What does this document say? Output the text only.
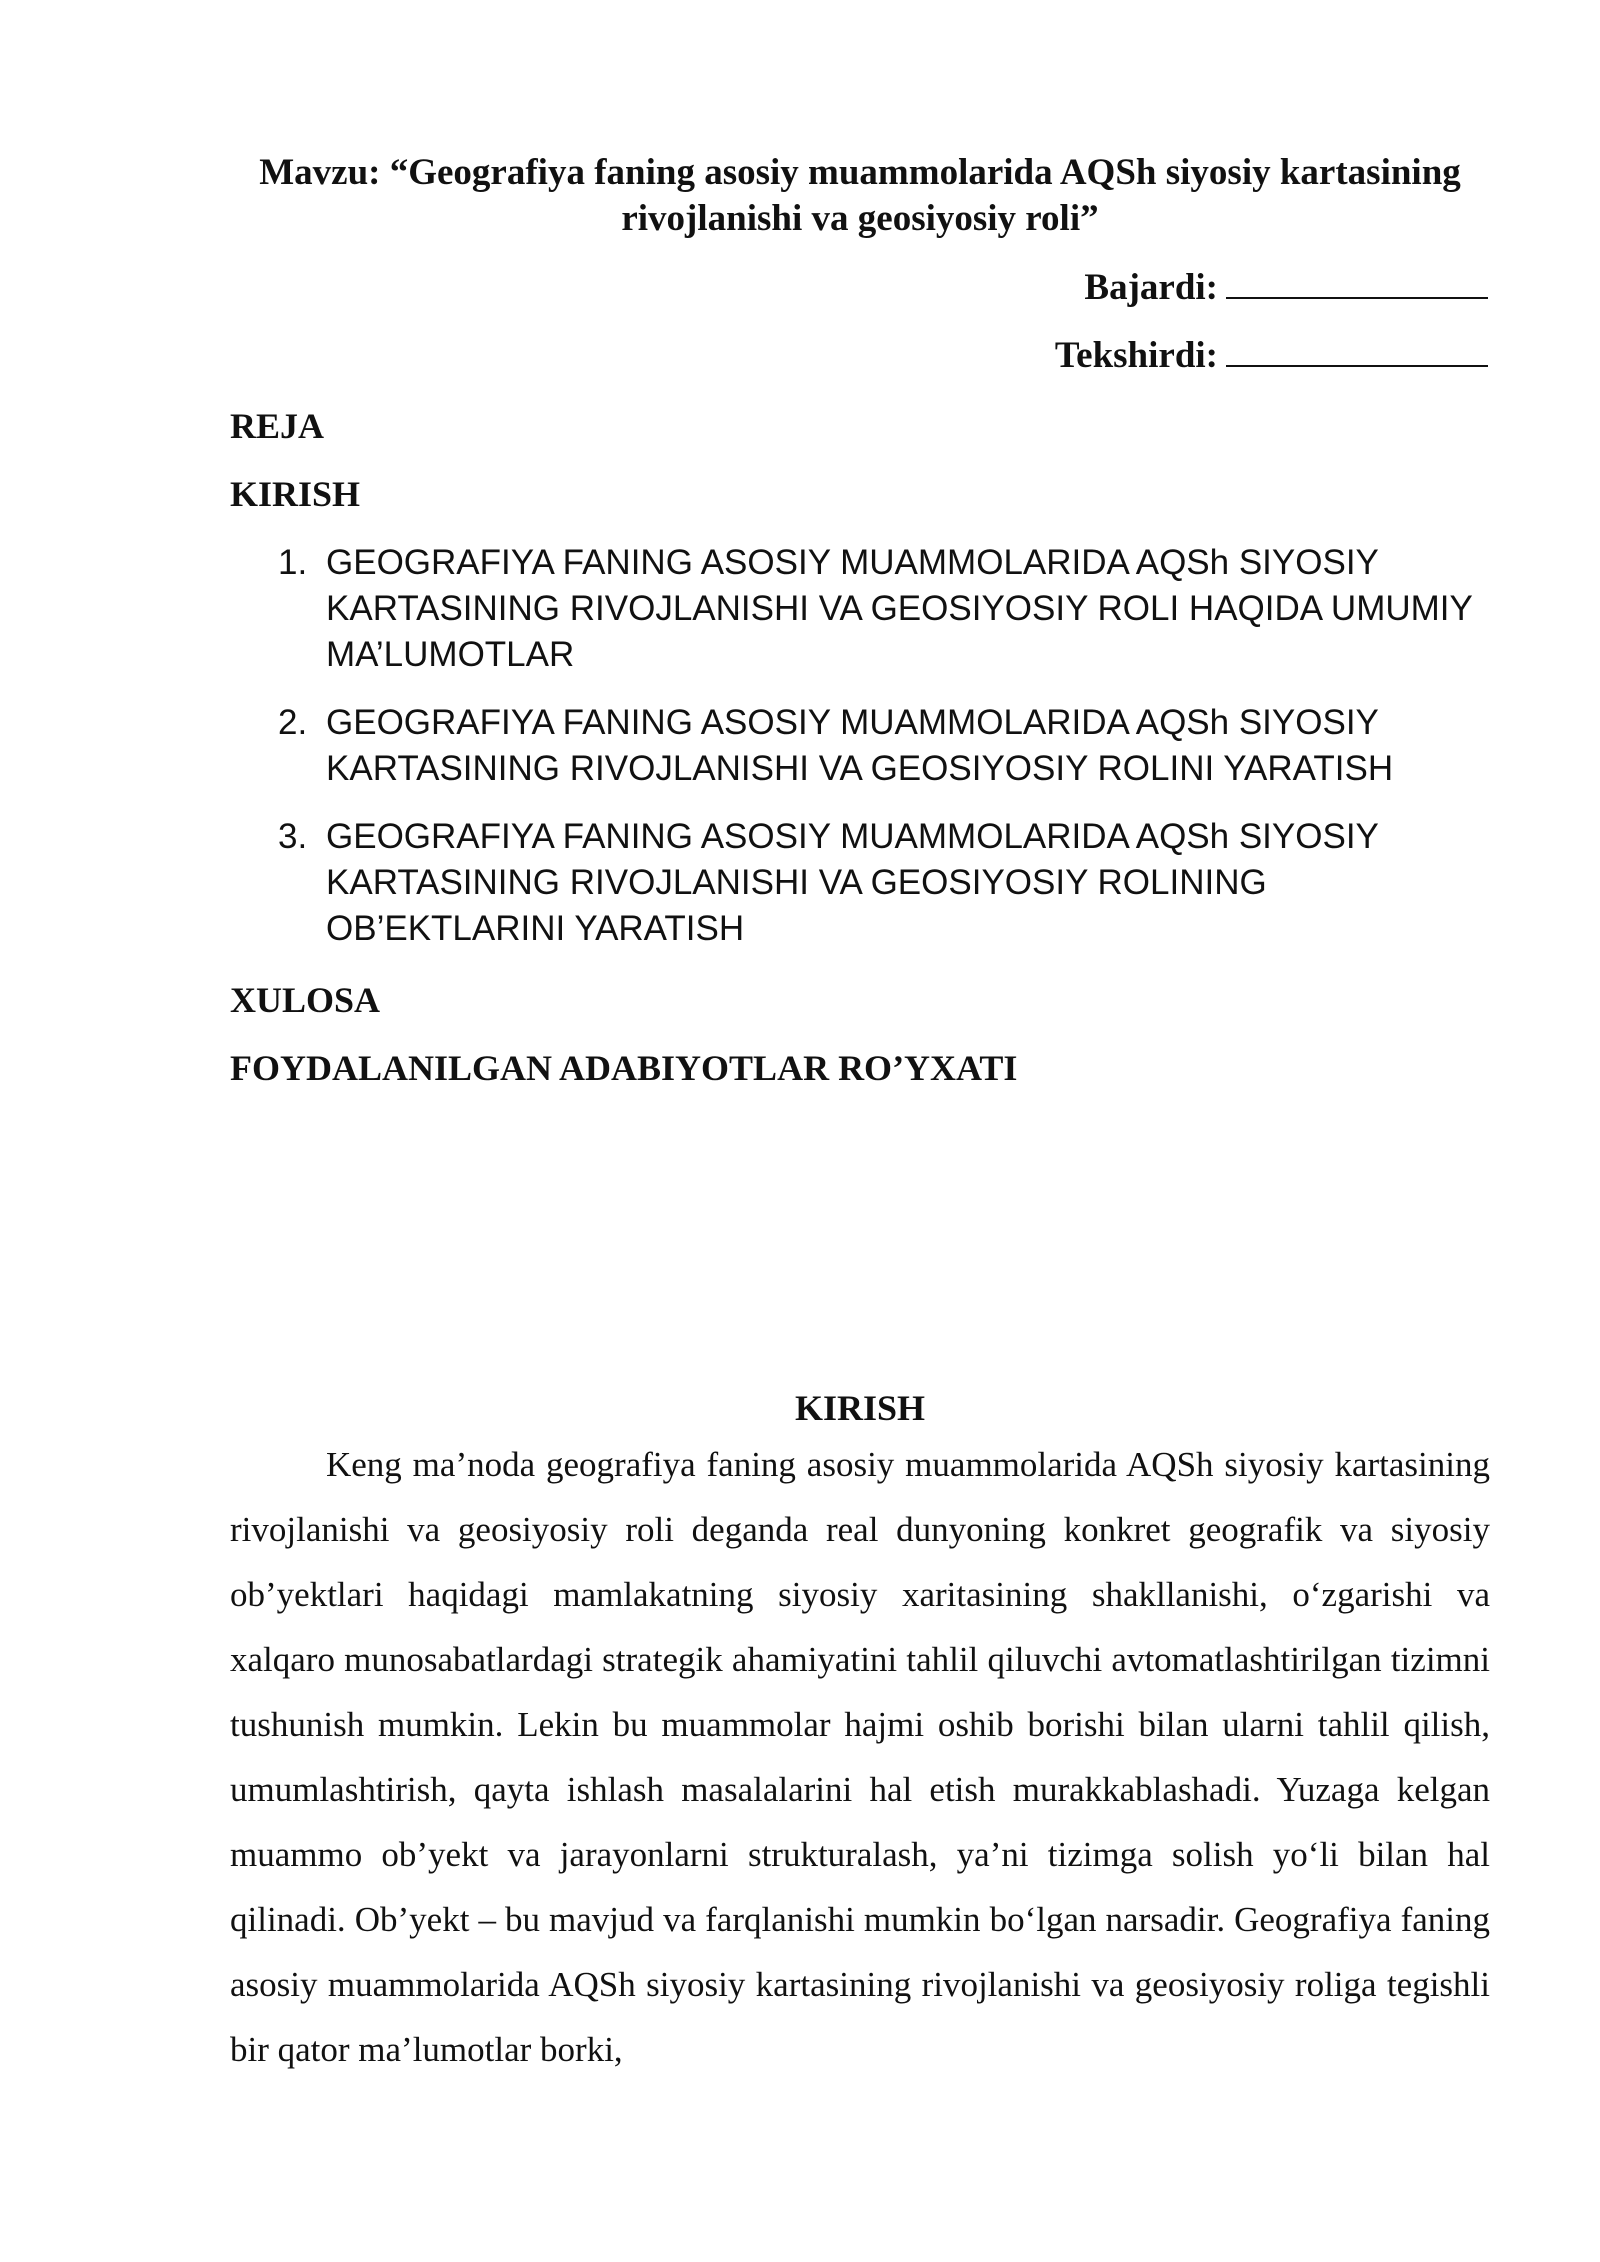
Mavzu: “Geografiya faning asosiy muammolarida AQSh siyosiy kartasining
rivojlanishi va geosiyosiy roli”
Bajardi:
Tekshirdi:
REJA
KIRISH
1. GEOGRAFIYA FANING ASOSIY MUAMMOLARIDA AQSh SIYOSIY KARTASINING RIVOJLANISHI VA GEOSIYOSIY ROLI HAQIDA UMUMIY MA’LUMOTLAR
2. GEOGRAFIYA FANING ASOSIY MUAMMOLARIDA AQSh SIYOSIY KARTASINING RIVOJLANISHI VA GEOSIYOSIY ROLINI YARATISH
3. GEOGRAFIYA FANING ASOSIY MUAMMOLARIDA AQSh SIYOSIY KARTASINING RIVOJLANISHI VA GEOSIYOSIY ROLINING OB’EKTLARINI YARATISH
XULOSA
FOYDALANILGAN ADABIYOTLAR RO’YXATI
KIRISH

Keng ma’noda geografiya faning asosiy muammolarida AQSh siyosiy kartasining rivojlanishi va geosiyosiy roli deganda real dunyoning konkret geografik va siyosiy ob’yektlari haqidagi mamlakatning siyosiy xaritasining shakllanishi, o‘zgarishi va xalqaro munosabatlardagi strategik ahamiyatini tahlil qiluvchi avtomatlashtirilgan tizimni tushunish mumkin. Lekin bu muammolar hajmi oshib borishi bilan ularni tahlil qilish, umumlashtirish, qayta ishlash masalalarini hal etish murakkablashadi. Yuzaga kelgan muammo ob’yekt va jarayonlarni strukturalash, ya’ni tizimga solish yo‘li bilan hal qilinadi. Ob’yekt – bu mavjud va farqlanishi mumkin bo‘lgan narsadir. Geografiya faning asosiy muammolarida AQSh siyosiy kartasining rivojlanishi va geosiyosiy roliga tegishli bir qator ma’lumotlar borki,
